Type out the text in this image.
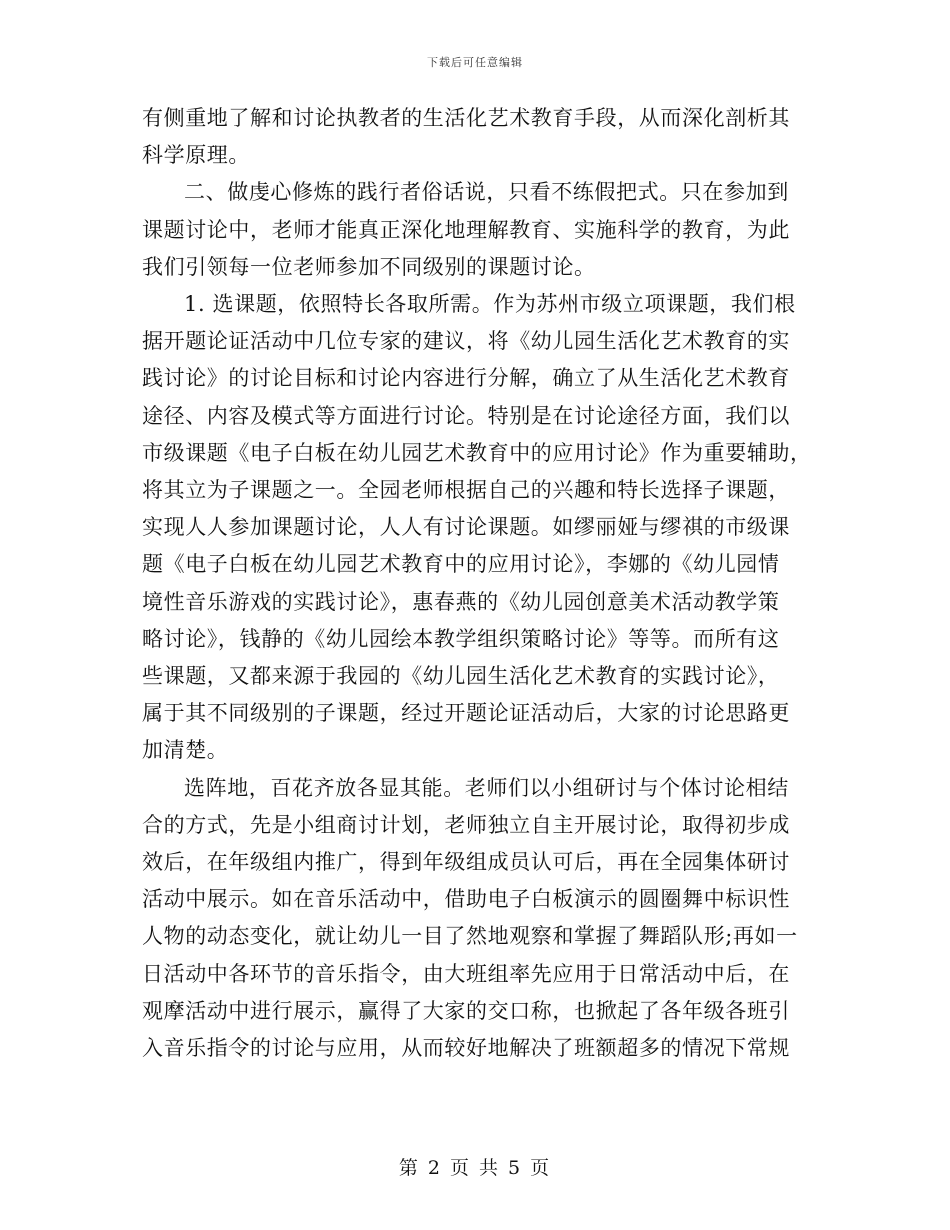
下载后可任意编辑

有侧重地了解和讨论执教者的生活化艺术教育手段，从而深化剖析其
科学原理。

二、做虔心修炼的践行者俗话说，只看不练假把式。只在参加到
课题讨论中，老师才能真正深化地理解教育、实施科学的教育，为此
我们引领每一位老师参加不同级别的课题讨论。

1. 选课题，依照特长各取所需。作为苏州市级立项课题，我们根
据开题论证活动中几位专家的建议，将《幼儿园生活化艺术教育的实
践讨论》的讨论目标和讨论内容进行分解，确立了从生活化艺术教育
途径、内容及模式等方面进行讨论。特别是在讨论途径方面，我们以
市级课题《电子白板在幼儿园艺术教育中的应用讨论》作为重要辅助，
将其立为子课题之一。全园老师根据自己的兴趣和特长选择子课题，
实现人人参加课题讨论，人人有讨论课题。如缪丽娅与缪祺的市级课
题《电子白板在幼儿园艺术教育中的应用讨论》，李娜的《幼儿园情
境性音乐游戏的实践讨论》，惠春燕的《幼儿园创意美术活动教学策
略讨论》，钱静的《幼儿园绘本教学组织策略讨论》等等。而所有这
些课题，又都来源于我园的《幼儿园生活化艺术教育的实践讨论》，
属于其不同级别的子课题，经过开题论证活动后，大家的讨论思路更
加清楚。

选阵地，百花齐放各显其能。老师们以小组研讨与个体讨论相结
合的方式，先是小组商讨计划，老师独立自主开展讨论，取得初步成
效后，在年级组内推广，得到年级组成员认可后，再在全园集体研讨
活动中展示。如在音乐活动中，借助电子白板演示的圆圈舞中标识性
人物的动态变化，就让幼儿一目了然地观察和掌握了舞蹈队形;再如一
日活动中各环节的音乐指令，由大班组率先应用于日常活动中后，在
观摩活动中进行展示，赢得了大家的交口称，也掀起了各年级各班引
入音乐指令的讨论与应用，从而较好地解决了班额超多的情况下常规

第 2 页 共 5 页
